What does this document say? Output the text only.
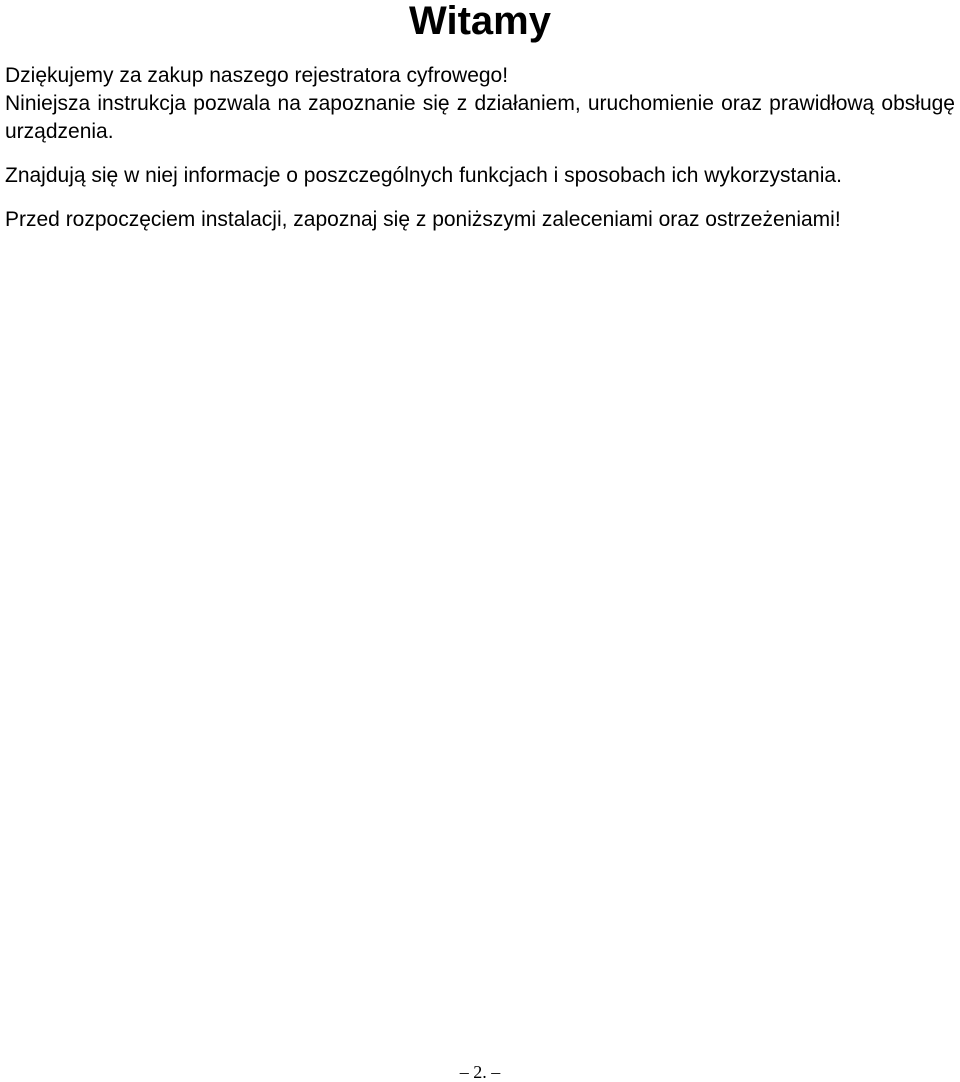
Witamy

Dziękujemy za zakup naszego rejestratora cyfrowego!

Niniejsza instrukcja pozwala na zapoznanie się z działaniem, uruchomienie oraz prawidłową obsługę urządzenia.

Znajdują się w niej informacje o poszczególnych funkcjach i sposobach ich wykorzystania.

Przed rozpoczęciem instalacji, zapoznaj się z poniższymi zaleceniami oraz ostrzeżeniami!

– 2. –
